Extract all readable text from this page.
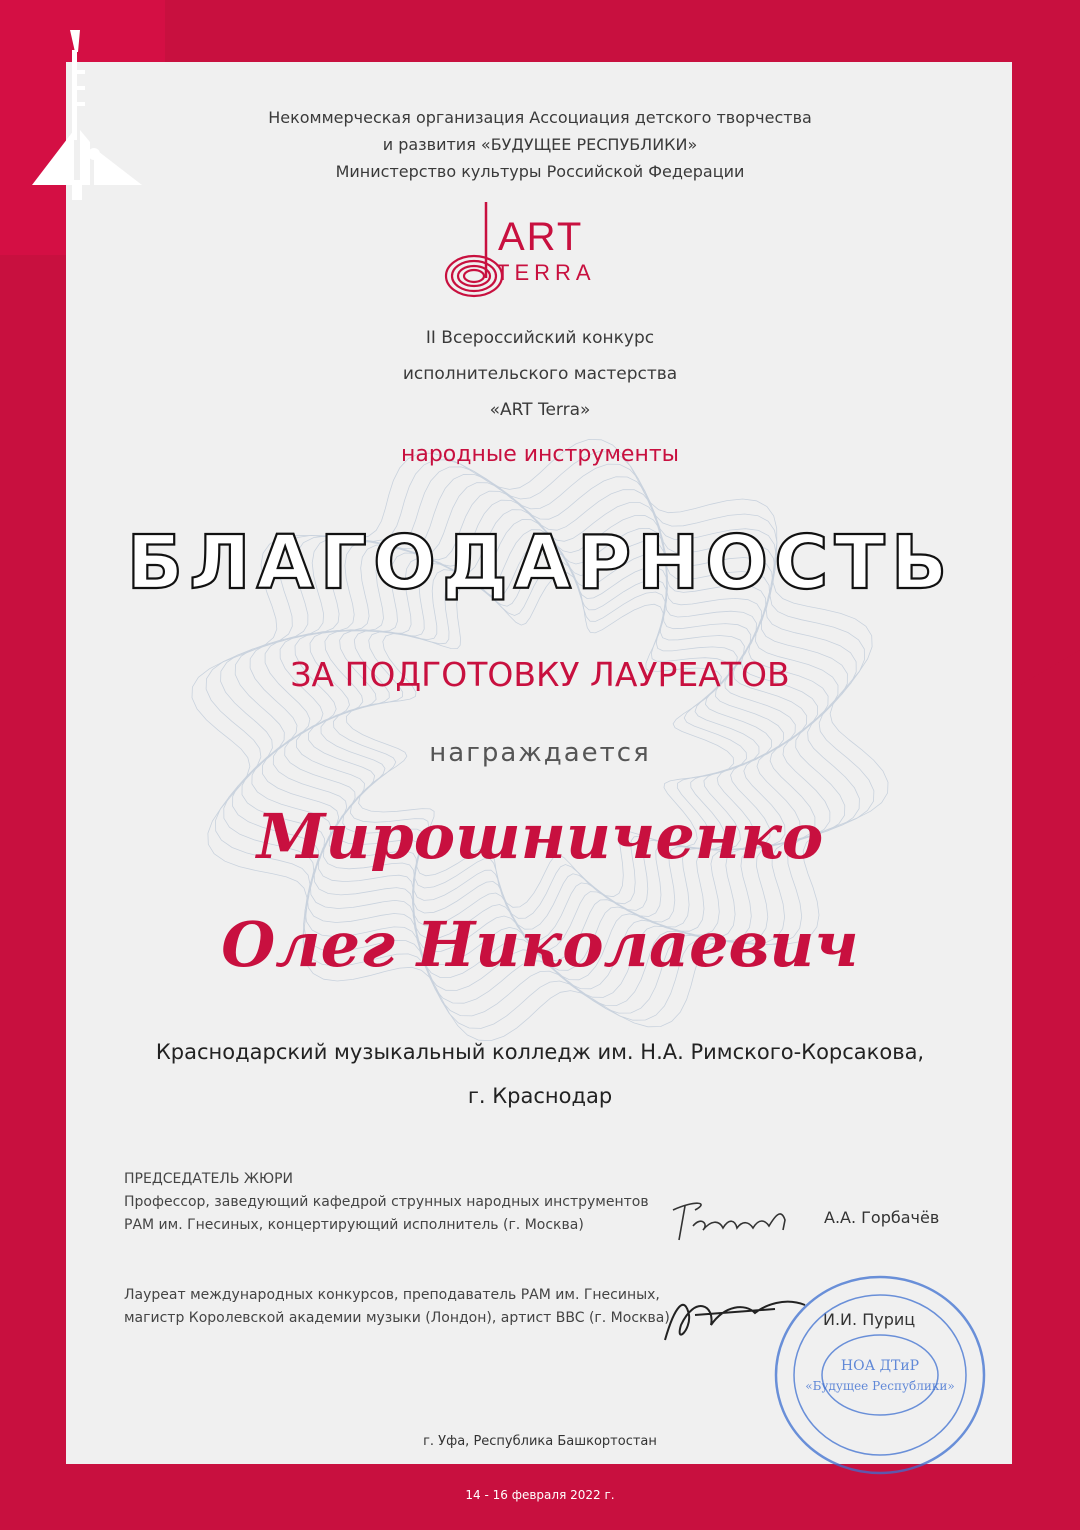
Некоммерческая организация Ассоциация детского творчества
и развития «БУДУЩЕЕ РЕСПУБЛИКИ»
Министерство культуры Российской Федерации
ART
TERRA
II Всероссийский конкурс
исполнительского мастерства
«ART Terra»
народные инструменты
БЛАГОДАРНОСТЬ
ЗА ПОДГОТОВКУ ЛАУРЕАТОВ
награждается
Мирошниченко
Олег Николаевич
Краснодарский музыкальный колледж им. Н.А. Римского-Корсакова,
г. Краснодар
ПРЕДСЕДАТЕЛЬ ЖЮРИ
Профессор, заведующий кафедрой струнных народных инструментов
РАМ им. Гнесиных, концертирующий исполнитель (г. Москва)
Лауреат международных конкурсов, преподаватель РАМ им. Гнесиных,
магистр Королевской академии музыки (Лондон), артист BBC (г. Москва)
А.А. Горбачёв
И.И. Пуриц
НОА ДТиР
«Будущее Республики»
г. Уфа, Республика Башкортостан
14 - 16 февраля 2022 г.
